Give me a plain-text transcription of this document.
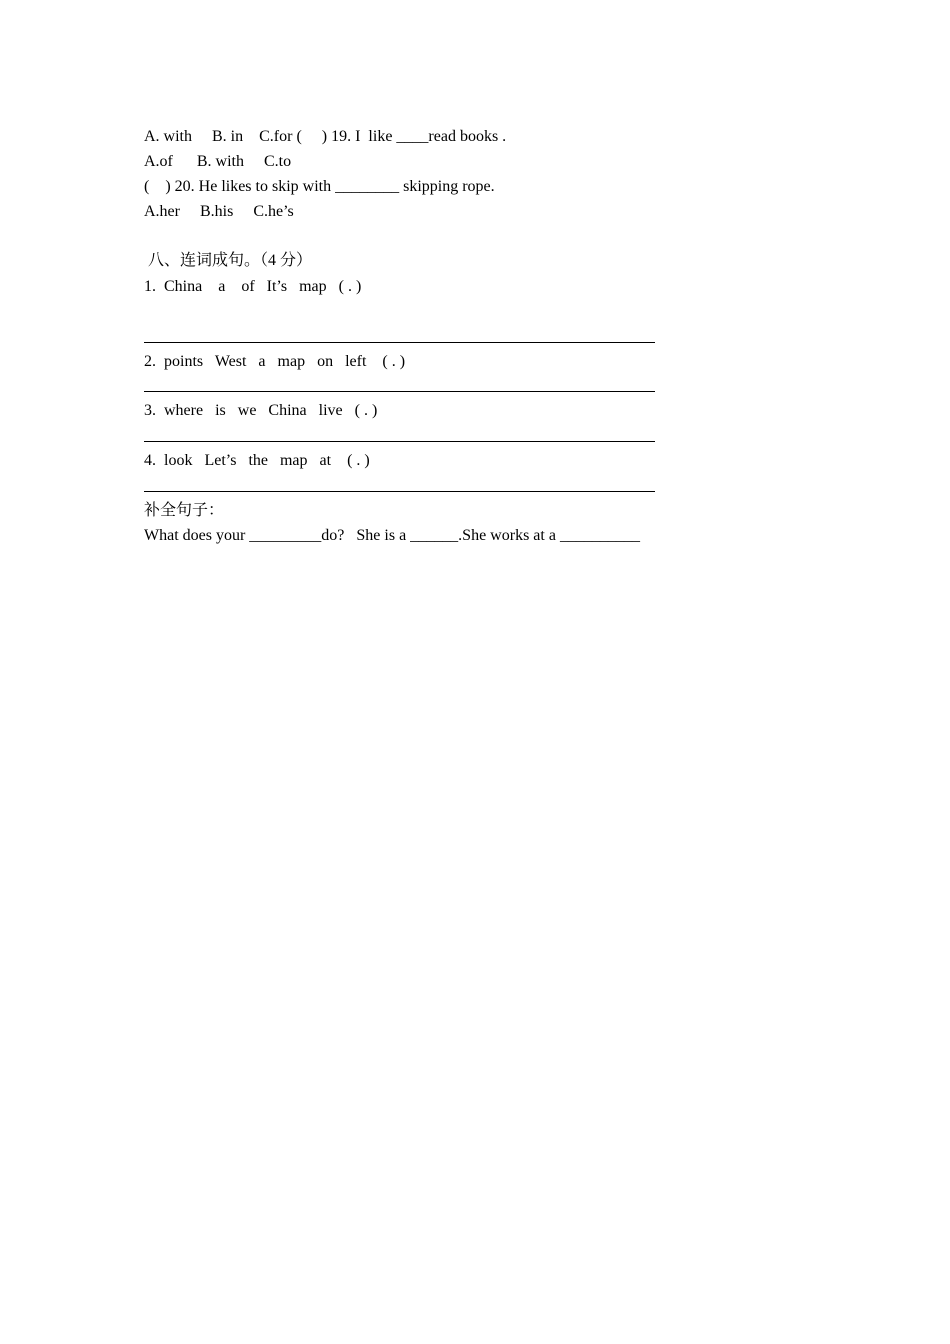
A. with     B. in    C.for (     ) 19. I  like ____read books .
A.of      B. with     C.to
(    ) 20. He likes to skip with ________ skipping rope.
A.her     B.his     C.he’s
八、连词成句。（4 分）
1.  China    a    of   It’s   map   ( . )
2.  points   West   a   map   on   left    ( . )
3.  where   is   we   China   live   ( . )
4.  look   Let’s   the   map   at    ( . )
补全句子：
What does your _________do?   She is a ______.She works at a __________
